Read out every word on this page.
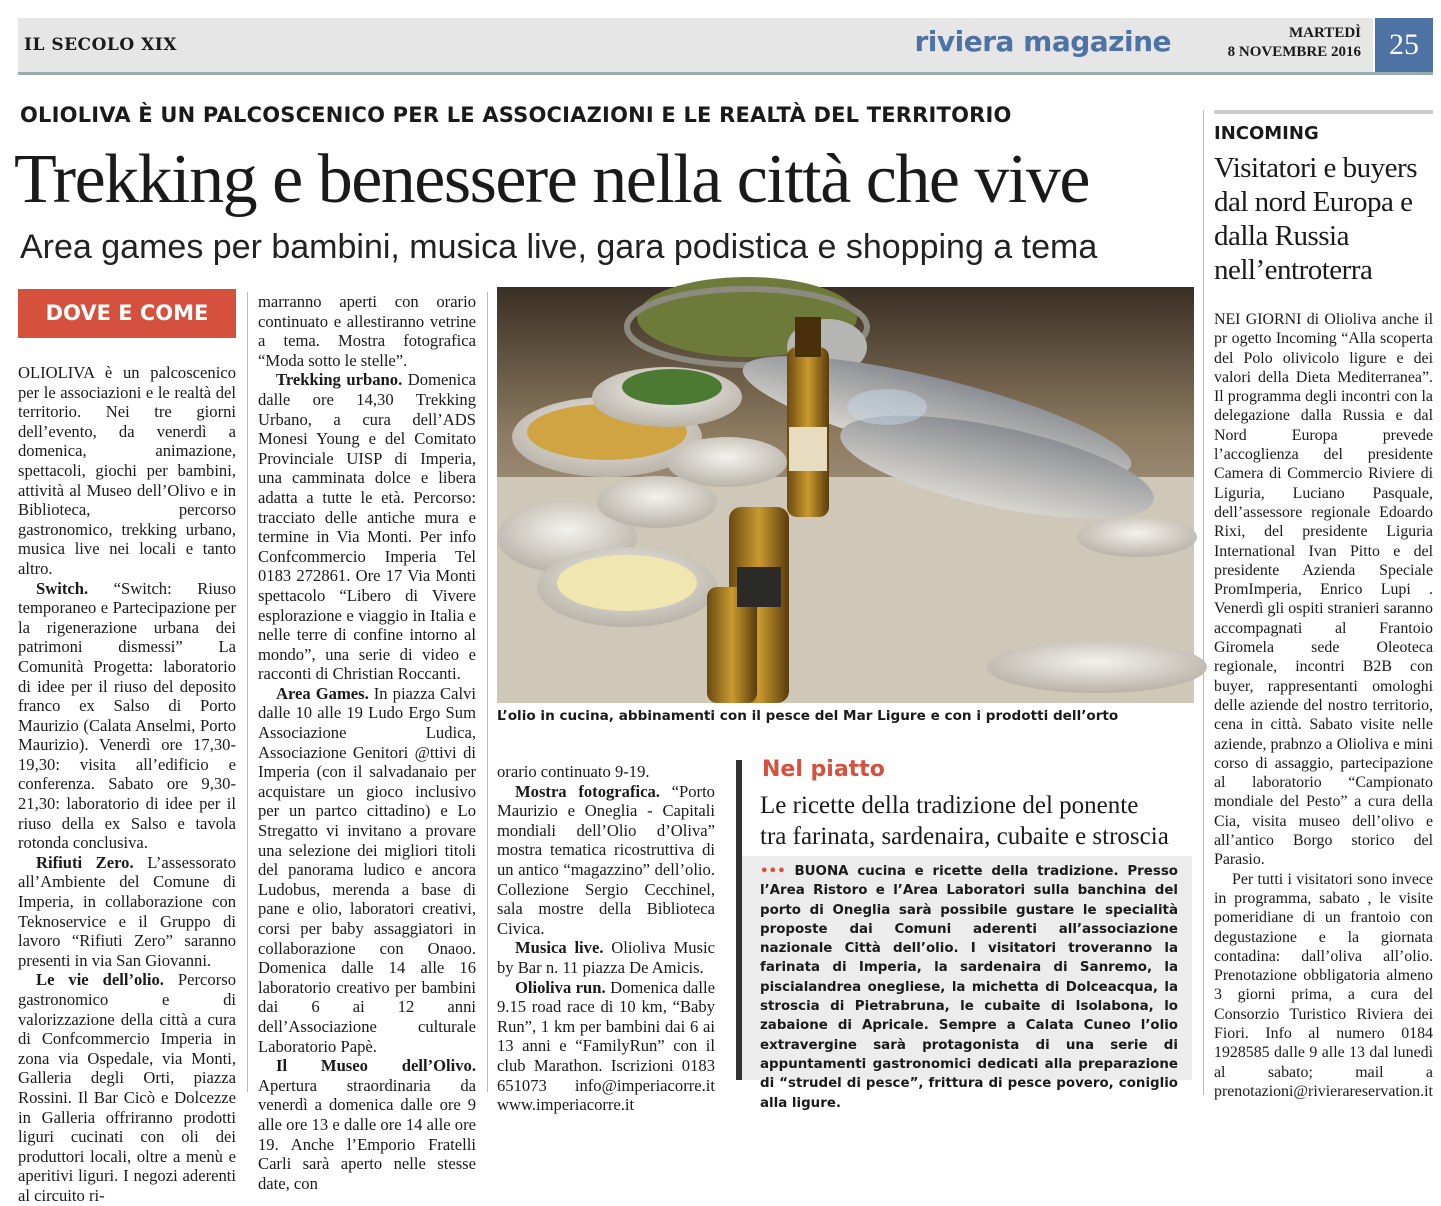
IL SECOLO XIX	riviera magazine	MARTEDÌ
8 NOVEMBRE 2016 25
OLIOLIVA È UN PALCOSCENICO PER LE ASSOCIAZIONI E LE REALTÀ DEL TERRITORIO
Trekking e benessere nella città che vive
Area games per bambini, musica live, gara podistica e shopping a tema
DOVE E COME

OLIOLIVA è un palcoscenico per le associazioni e le realtà del territorio. Nei tre giorni dell’evento, da venerdì a domenica, animazione, spettacoli, giochi per bambini, attività al Museo dell’Olivo e in Biblioteca, percorso gastronomico, trekking urbano, musica live nei locali e tanto altro.

Switch. “Switch: Riuso temporaneo e Partecipazione per la rigenerazione urbana dei patrimoni dismessi” La Comunità Progetta: laboratorio di idee per il riuso del deposito franco ex Salso di Porto Maurizio (Calata Anselmi, Porto Maurizio). Venerdì ore 17,30-19,30: visita all’edificio e conferenza. Sabato ore 9,30-21,30: laboratorio di idee per il riuso della ex Salso e tavola rotonda conclusiva.

Rifiuti Zero. L’assessorato all’Ambiente del Comune di Imperia, in collaborazione con Teknoservice e il Gruppo di lavoro “Rifiuti Zero” saranno presenti in via San Giovanni.

Le vie dell’olio. Percorso gastronomico e di valorizzazione della città a cura di Confcommercio Imperia in zona via Ospedale, via Monti, Galleria degli Orti, piazza Rossini. Il Bar Cicò e Dolcezze in Galleria offriranno prodotti liguri cucinati con oli dei produttori locali, oltre a menù e aperitivi liguri. I negozi aderenti al circuito ri-

marranno aperti con orario continuato e allestiranno vetrine a tema. Mostra fotografica “Moda sotto le stelle”.

Trekking urbano. Domenica dalle ore 14,30 Trekking Urbano, a cura dell’ADS Monesi Young e del Comitato Provinciale UISP di Imperia, una camminata dolce e libera adatta a tutte le età. Percorso: tracciato delle antiche mura e termine in Via Monti. Per info Confcommercio Imperia Tel 0183 272861. Ore 17 Via Monti spettacolo “Libero di Vivere esplorazione e viaggio in Italia e nelle terre di confine intorno al mondo”, una serie di video e racconti di Christian Roccanti.

Area Games. In piazza Calvi dalle 10 alle 19 Ludo Ergo Sum Associazione Ludica, Associazione Genitori @ttivi di Imperia (con il salvadanaio per acquistare un gioco inclusivo per un partco cittadino) e Lo Stregatto vi invitano a provare una selezione dei migliori titoli del panorama ludico e ancora Ludobus, merenda a base di pane e olio, laboratori creativi, corsi per baby assaggiatori in collaborazione con Onaoo. Domenica dalle 14 alle 16 laboratorio creativo per bambini dai 6 ai 12 anni dell’Associazione culturale Laboratorio Papè.

Il Museo dell’Olivo. Apertura straordinaria da venerdì a domenica dalle ore 9 alle ore 13 e dalle ore 14 alle ore 19. Anche l’Emporio Fratelli Carli sarà aperto nelle stesse date, con

L’olio in cucina, abbinamenti con il pesce del Mar Ligure e con i prodotti dell’orto

orario continuato 9-19.

Mostra fotografica. “Porto Maurizio e Oneglia - Capitali mondiali dell’Olio d’Oliva” mostra tematica ricostruttiva di un antico “magazzino” dell’olio. Collezione Sergio Cecchinel, sala mostre della Biblioteca Civica.

Musica live. Olioliva Music by Bar n. 11 piazza De Amicis.

Olioliva run. Domenica dalle 9.15 road race di 10 km, “Baby Run”, 1 km per bambini dai 6 ai 13 anni e “FamilyRun” con il club Marathon. Iscrizioni 0183 651073 info@imperiacorre.it www.imperiacorre.it

Nel piatto
Le ricette della tradizione del ponente
tra farinata, sardenaira, cubaite e stroscia
••• BUONA cucina e ricette della tradizione. Presso l’Area Ristoro e l’Area Laboratori sulla banchina del porto di Oneglia sarà possibile gustare le specialità proposte dai Comuni aderenti all’associazione nazionale Città dell’olio. I visitatori troveranno la farinata di Imperia, la sardenaira di Sanremo, la piscialandrea onegliese, la michetta di Dolceacqua, la stroscia di Pietrabruna, le cubaite di Isolabona, lo zabaione di Apricale. Sempre a Calata Cuneo l’olio extravergine sarà protagonista di una serie di appuntamenti gastronomici dedicati alla preparazione di “strudel di pesce”, frittura di pesce povero, coniglio alla ligure.
INCOMING
Visitatori e buyers dal nord Europa e dalla Russia nell’entroterra

NEI GIORNI di Olioliva anche il pr ogetto Incoming “Alla scoperta del Polo olivicolo ligure e dei valori della Dieta Mediterranea”. Il programma degli incontri con la delegazione dalla Russia e dal Nord Europa prevede l’accoglienza del presidente Camera di Commercio Riviere di Liguria, Luciano Pasquale, dell’assessore regionale Edoardo Rixi, del presidente Liguria International Ivan Pitto e del presidente Azienda Speciale PromImperia, Enrico Lupi . Venerdì gli ospiti stranieri saranno accompagnati al Frantoio Giromela sede Oleoteca regionale, incontri B2B con buyer, rappresentanti omologhi delle aziende del nostro territorio, cena in città. Sabato visite nelle aziende, prabnzo a Olioliva e mini corso di assaggio, partecipazione al laboratorio “Campionato mondiale del Pesto” a cura della Cia, visita museo dell’olivo e all’antico Borgo storico del Parasio.

Per tutti i visitatori sono invece in programma, sabato , le visite pomeridiane di un frantoio con degustazione e la giornata contadina: dall’oliva all’olio. Prenotazione obbligatoria almeno 3 giorni prima, a cura del Consorzio Turistico Riviera dei Fiori. Info al numero 0184 1928585 dalle 9 alle 13 dal lunedì al sabato; mail a prenotazioni@rivierareservation.it
